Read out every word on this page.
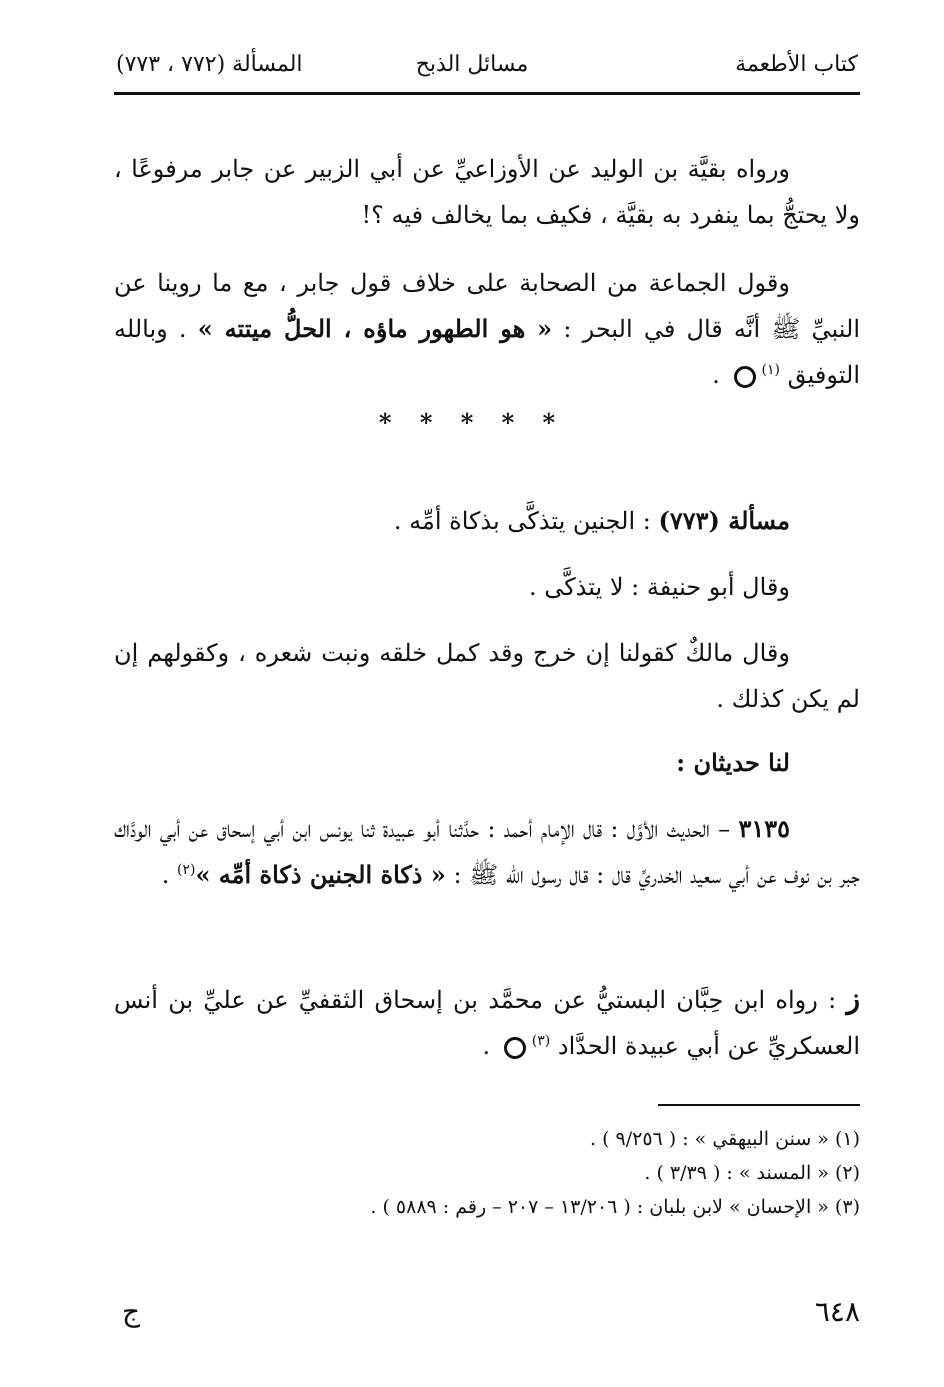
كتاب الأطعمة
مسائل الذبح
المسألة (٧٧٢ ، ٧٧٣)
ورواه بقيَّة بن الوليد عن الأوزاعيِّ عن أبي الزبير عن جابر مرفوعًا ، ولا يحتجُّ بما ينفرد به بقيَّة ، فكيف بما يخالف فيه ؟!
وقول الجماعة من الصحابة على خلاف قول جابر ، مع ما روينا عن النبيِّ ﷺ أنَّه قال في البحر : « هو الطهور ماؤه ، الحلُّ ميتته » . وبالله التوفيق $^{(١)}$ .
* * * * *
مسألة (٧٧٣) : الجنين يتذكَّى بذكاة أمِّه .
وقال أبو حنيفة : لا يتذكَّى .
وقال مالكٌ كقولنا إن خرج وقد كمل خلقه ونبت شعره ، وكقولهم إن لم يكن كذلك .
لنا حديثان :
٣١٣٥ – الحديث الأوَّل : قال الإمام أحمد : حدَّثنا أبو عبيدة ثنا يونس ابن أبي إسحاق عن أبي الودَّاك جبر بن نوف عن أبي سعيد الخدريِّ قال : قال رسول الله ﷺ : « ذكاة الجنين ذكاة أمِّه »$^{(٢)}$ .
ز : رواه ابن حِبَّان البستيُّ عن محمَّد بن إسحاق الثقفيِّ عن عليِّ بن أنس العسكريِّ عن أبي عبيدة الحدَّاد $^{(٣)}$ .
(١) « سنن البيهقي » : ( ٩/٢٥٦ ) .
(٢) « المسند » : ( ٣/٣٩ ) .
(٣) « الإحسان » لابن بلبان : ( ١٣/٢٠٦ – ٢٠٧ – رقم : ٥٨٨٩ ) .
٦٤٨
ج
